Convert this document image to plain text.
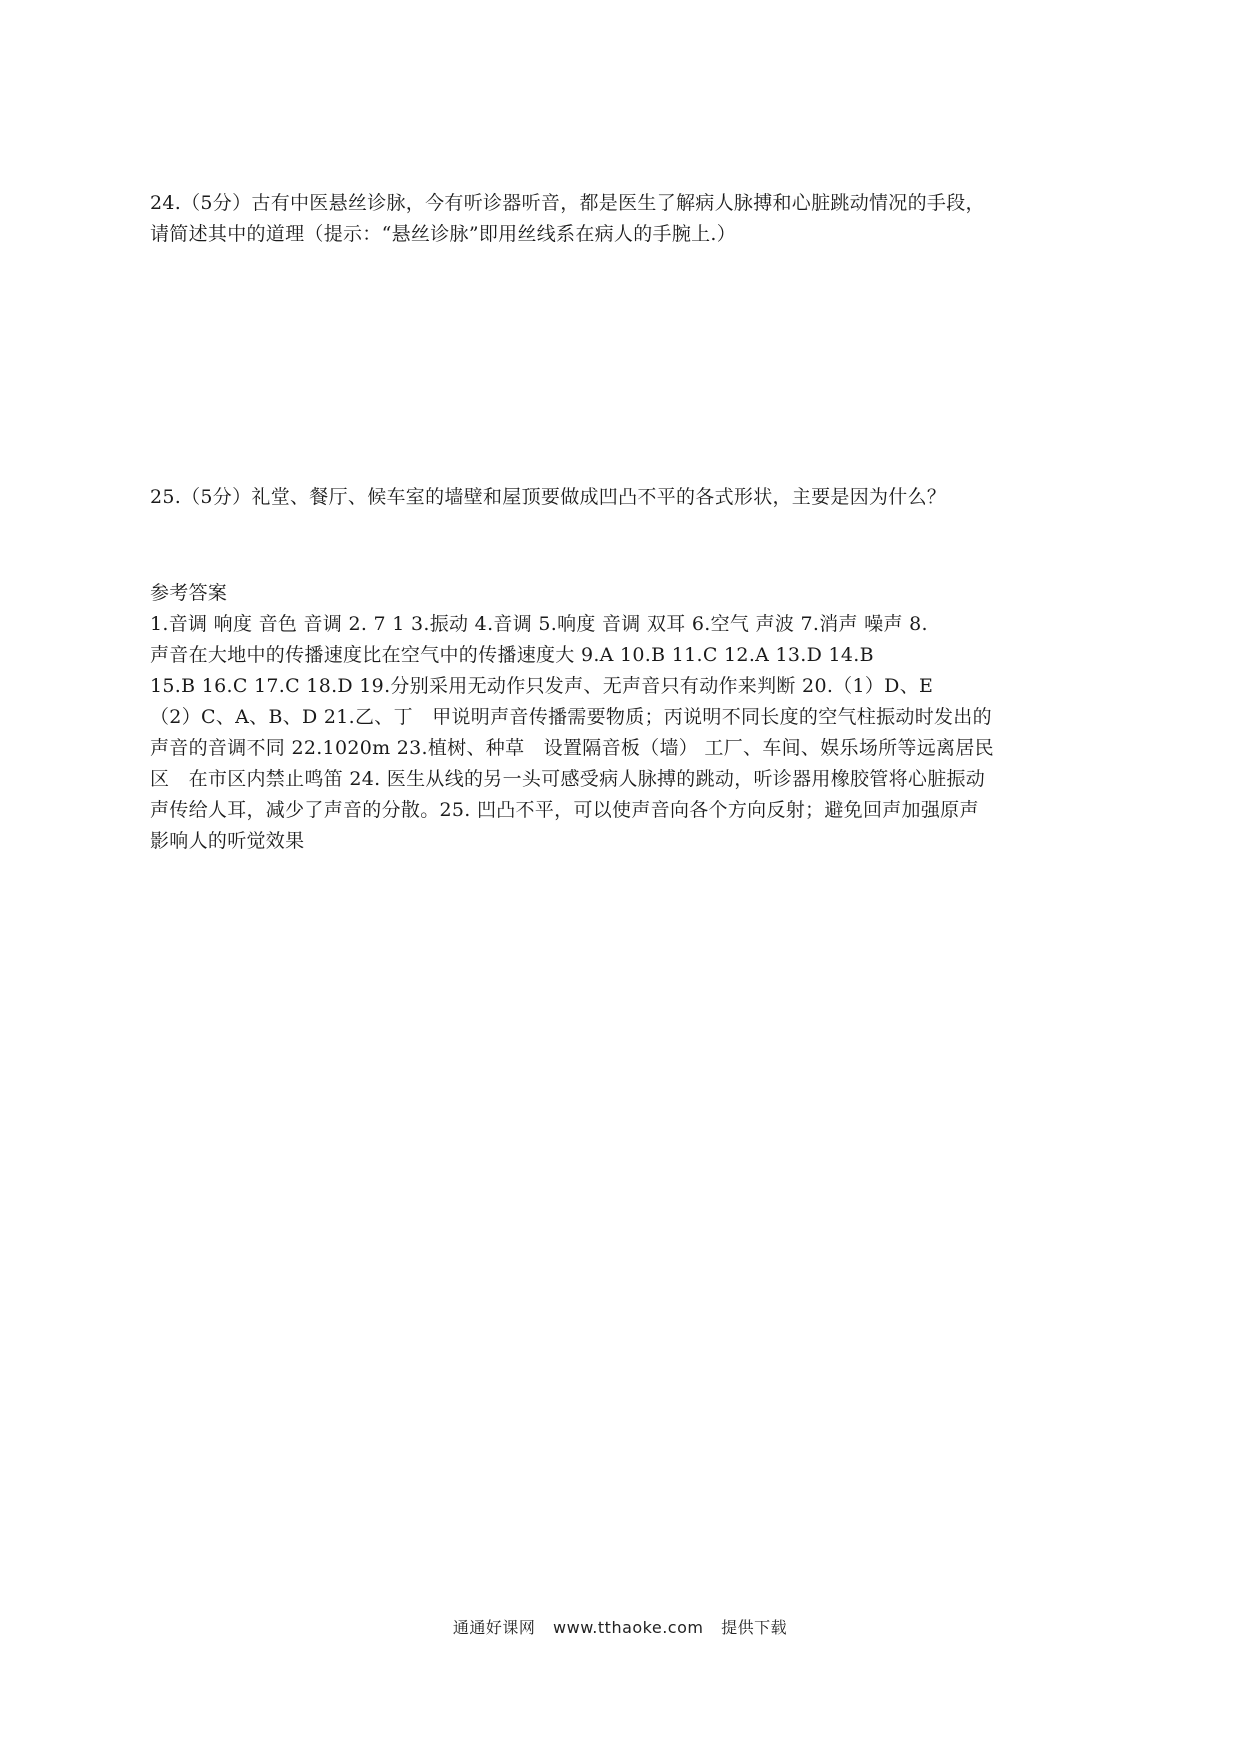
24.（5分）古有中医悬丝诊脉，今有听诊器听音，都是医生了解病人脉搏和心脏跳动情况的手段，
请简述其中的道理（提示：“悬丝诊脉”即用丝线系在病人的手腕上.）
25.（5分）礼堂、餐厅、候车室的墙壁和屋顶要做成凹凸不平的各式形状，主要是因为什么？
参考答案
1.音调 响度 音色 音调 2. 7 1 3.振动 4.音调 5.响度 音调 双耳 6.空气 声波 7.消声 噪声 8.
声音在大地中的传播速度比在空气中的传播速度大 9.A 10.B 11.C 12.A 13.D 14.B
15.B 16.C 17.C 18.D 19.分别采用无动作只发声、无声音只有动作来判断 20.（1）D、E
（2）C、A、B、D 21.乙、丁　甲说明声音传播需要物质；丙说明不同长度的空气柱振动时发出的
声音的音调不同 22.1020m 23.植树、种草　设置隔音板（墙） 工厂、车间、娱乐场所等远离居民
区　在市区内禁止鸣笛 24. 医生从线的另一头可感受病人脉搏的跳动，听诊器用橡胶管将心脏振动
声传给人耳，减少了声音的分散。25. 凹凸不平，可以使声音向各个方向反射；避免回声加强原声
影响人的听觉效果
通通好课网 www.tthaoke.com 提供下载
